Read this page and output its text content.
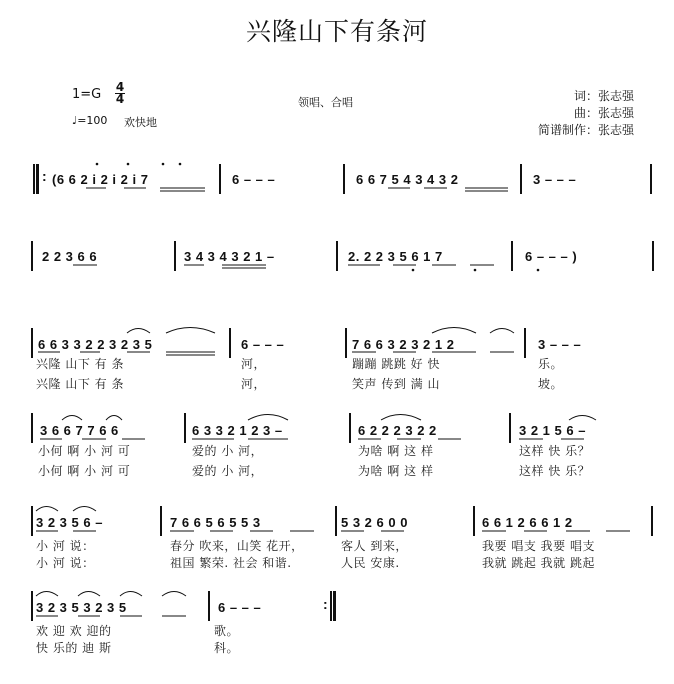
兴隆山下有条河
1=G 4
4
♩=100 欢快地
领唱、合唱	词：张志强
曲：张志强
简谱制作：张志强
: (6 6 2 i 2 i 2 i 7	6 – – –	6 6 7 5 4 3 4 3 2	3 – – –
2 2 3 6 6	3 4 3 4 3 2 1 –	2. 2 2 3 5 6 1 7	6 – – – )
6 6 3 3 2 2 3 2 3 5
兴隆 山下 有 条
兴隆 山下 有 条
6 – – –
河，
河，
7 6 6 3 2 3 2 1 2
蹦蹦 跳跳 好 快
笑声 传到 满 山
3 – – –
乐。
坡。
3 6 6 7 7 6 6
小何 啊 小 河 可
小何 啊 小 河 可
6 3 3 2 1 2 3 –
爱的 小 河，
爱的 小 河，
6 2 2 2 3 2 2
为啥 啊 这 样
为啥 啊 这 样
3 2 1 5 6 –
这样 快 乐？
这样 快 乐？
3 2 3 5 6 –
小 河 说：
小 河 说：
7 6 6 5 6 5 5 3
春分 吹来，山笑 花开，
祖国 繁荣. 社会 和谐.
5 3 2 6 0 0
客人 到来，
人民 安康.
6 6 1 2 6 6 1 2
我要 唱支 我要 唱支
我就 跳起 我就 跳起
3 2 3 5 3 2 3 5
欢 迎 欢 迎的
快 乐的 迪 斯
6 – – –
歌。
科。
:
